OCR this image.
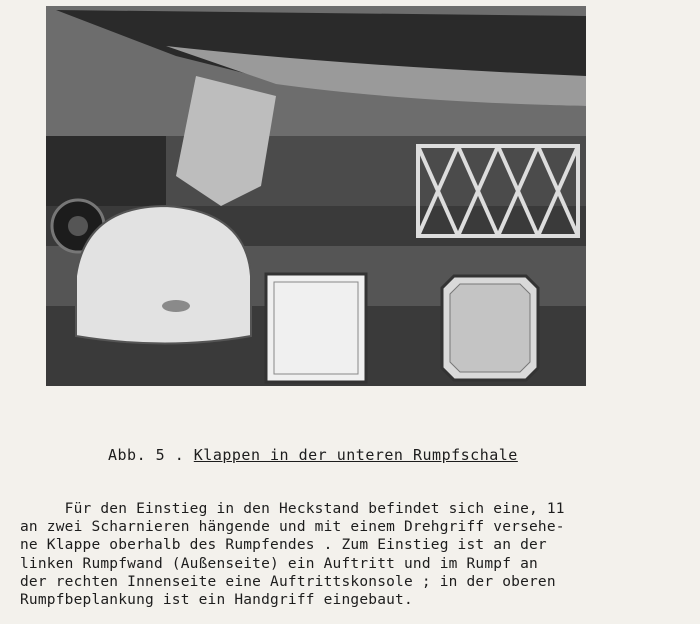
Abb. 5 . Klappen in der unteren Rumpfschale
Für den Einstieg in den Heckstand befindet sich eine, 11
an zwei Scharnieren hängende und mit einem Drehgriff versehe-
ne Klappe oberhalb des Rumpfendes . Zum Einstieg ist an der
linken Rumpfwand (Außenseite) ein Auftritt und im Rumpf an
der rechten Innenseite eine Auftrittskonsole ; in der oberen
Rumpfbeplankung ist ein Handgriff eingebaut.
